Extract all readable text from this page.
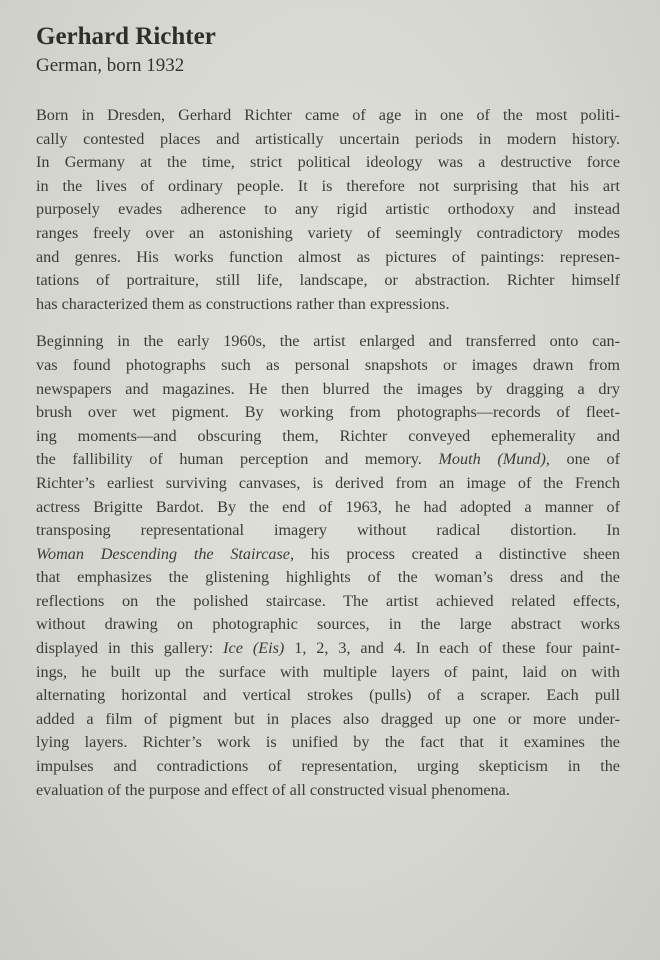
Gerhard Richter
German, born 1932
Born in Dresden, Gerhard Richter came of age in one of the most politi-
cally contested places and artistically uncertain periods in modern history.
In Germany at the time, strict political ideology was a destructive force
in the lives of ordinary people. It is therefore not surprising that his art
purposely evades adherence to any rigid artistic orthodoxy and instead
ranges freely over an astonishing variety of seemingly contradictory modes
and genres. His works function almost as pictures of paintings: represen-
tations of portraiture, still life, landscape, or abstraction. Richter himself
has characterized them as constructions rather than expressions.
Beginning in the early 1960s, the artist enlarged and transferred onto can-
vas found photographs such as personal snapshots or images drawn from
newspapers and magazines. He then blurred the images by dragging a dry
brush over wet pigment. By working from photographs—records of fleet-
ing moments—and obscuring them, Richter conveyed ephemerality and
the fallibility of human perception and memory. Mouth (Mund), one of
Richter’s earliest surviving canvases, is derived from an image of the French
actress Brigitte Bardot. By the end of 1963, he had adopted a manner of
transposing representational imagery without radical distortion. In
Woman Descending the Staircase, his process created a distinctive sheen
that emphasizes the glistening highlights of the woman’s dress and the
reflections on the polished staircase. The artist achieved related effects,
without drawing on photographic sources, in the large abstract works
displayed in this gallery: Ice (Eis) 1, 2, 3, and 4. In each of these four paint-
ings, he built up the surface with multiple layers of paint, laid on with
alternating horizontal and vertical strokes (pulls) of a scraper. Each pull
added a film of pigment but in places also dragged up one or more under-
lying layers. Richter’s work is unified by the fact that it examines the
impulses and contradictions of representation, urging skepticism in the
evaluation of the purpose and effect of all constructed visual phenomena.
